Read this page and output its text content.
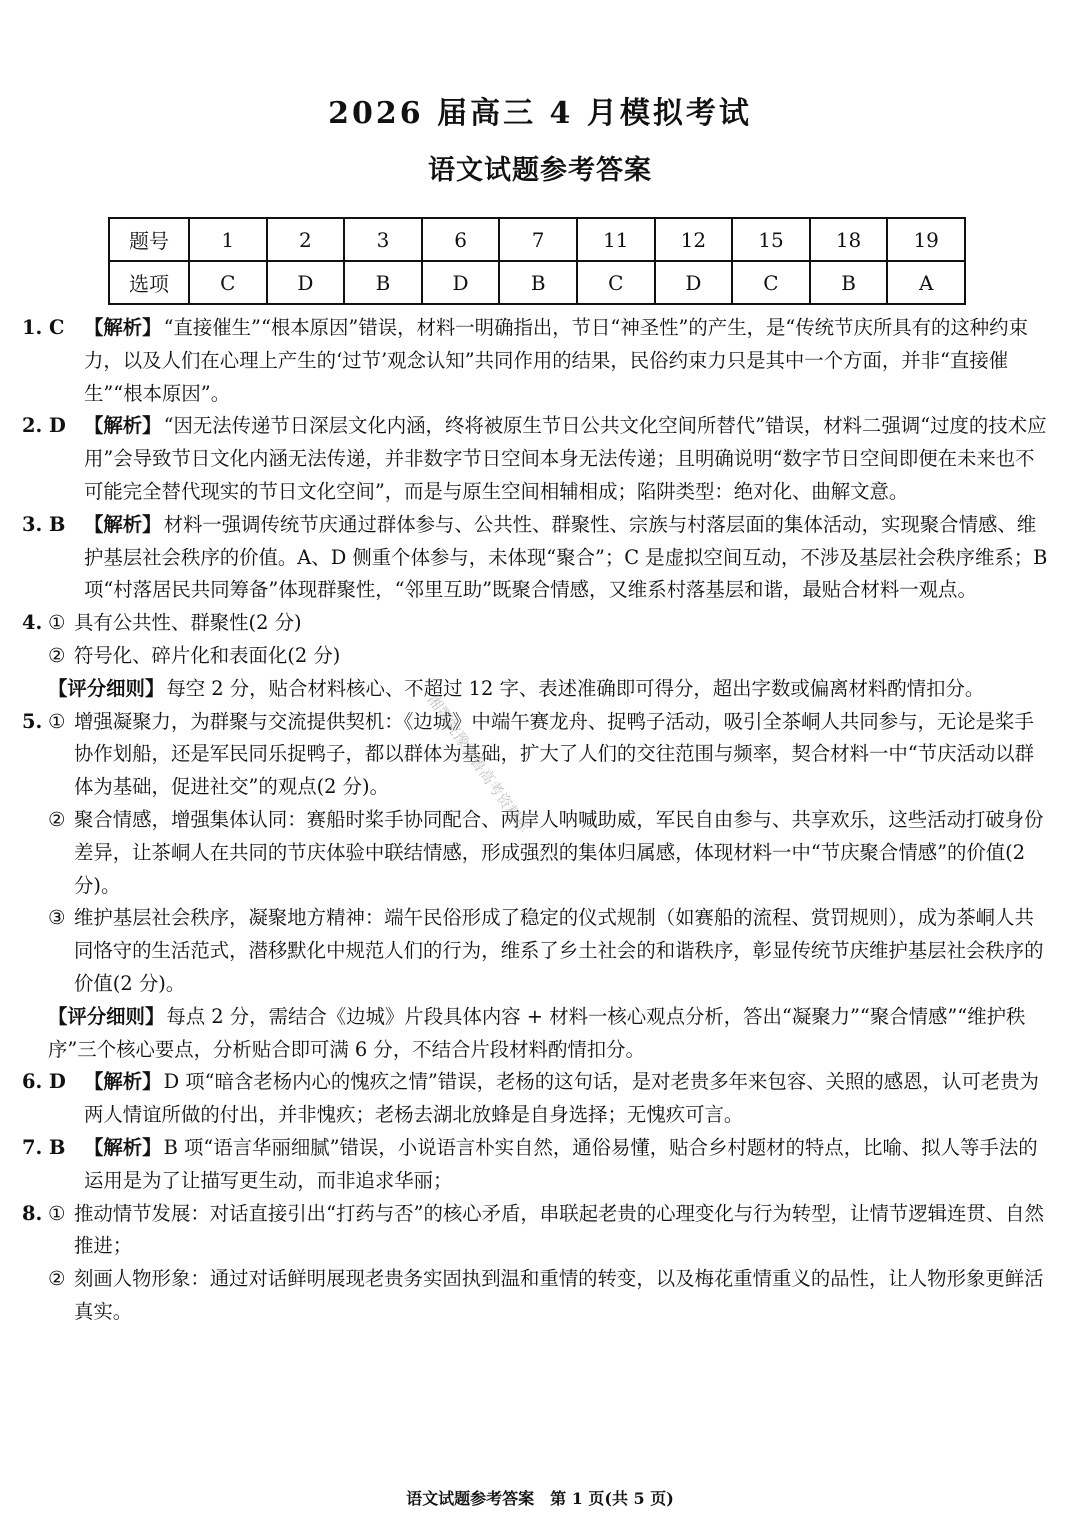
2026 届高三 4 月模拟考试
语文试题参考答案
题号	1	2	3	6	7	11	12	15	18	19
选项	C	D	B	D	B	C	D	C	B	A
1. C 【解析】 “直接催生”“根本原因”错误，材料一明确指出，节日“神圣性”的产生，是“传统节庆所具有的这种约束力，以及人们在心理上产生的‘过节’观念认知”共同作用的结果，民俗约束力只是其中一个方面，并非“直接催生”“根本原因”。
2. D 【解析】 “因无法传递节日深层文化内涵，终将被原生节日公共文化空间所替代”错误，材料二强调“过度的技术应用”会导致节日文化内涵无法传递，并非数字节日空间本身无法传递；且明确说明“数字节日空间即便在未来也不可能完全替代现实的节日文化空间”，而是与原生空间相辅相成；陷阱类型：绝对化、曲解文意。
3. B 【解析】 材料一强调传统节庆通过群体参与、公共性、群聚性、宗族与村落层面的集体活动，实现聚合情感、维护基层社会秩序的价值。A、D 侧重个体参与，未体现“聚合”；C 是虚拟空间互动，不涉及基层社会秩序维系；B 项“村落居民共同筹备”体现群聚性，“邻里互助”既聚合情感，又维系村落基层和谐，最贴合材料一观点。
4. ① 具有公共性、群聚性(2 分)
② 符号化、碎片化和表面化(2 分)
【评分细则】 每空 2 分，贴合材料核心、不超过 12 字、表述准确即可得分，超出字数或偏离材料酌情扣分。
5. ① 增强凝聚力，为群聚与交流提供契机：《边城》中端午赛龙舟、捉鸭子活动，吸引全茶峒人共同参与，无论是桨手协作划船，还是军民同乐捉鸭子，都以群体为基础，扩大了人们的交往范围与频率，契合材料一中“节庆活动以群体为基础，促进社交”的观点(2 分)。
② 聚合情感，增强集体认同：赛船时桨手协同配合、两岸人呐喊助威，军民自由参与、共享欢乐，这些活动打破身份差异，让茶峒人在共同的节庆体验中联结情感，形成强烈的集体归属感，体现材料一中“节庆聚合情感”的价值(2 分)。
③ 维护基层社会秩序，凝聚地方精神：端午民俗形成了稳定的仪式规制（如赛船的流程、赏罚规则），成为茶峒人共同恪守的生活范式，潜移默化中规范人们的行为，维系了乡土社会的和谐秩序，彰显传统节庆维护基层社会秩序的价值(2 分)。
【评分细则】 每点 2 分，需结合《边城》片段具体内容 + 材料一核心观点分析，答出“凝聚力”“聚合情感”“维护秩序”三个核心要点，分析贴合即可满 6 分，不结合片段材料酌情扣分。
6. D 【解析】 D 项“暗含老杨内心的愧疚之情”错误，老杨的这句话，是对老贵多年来包容、关照的感恩，认可老贵为两人情谊所做的付出，并非愧疚；老杨去湖北放蜂是自身选择；无愧疚可言。
7. B 【解析】 B 项“语言华丽细腻”错误，小说语言朴实自然，通俗易懂，贴合乡村题材的特点，比喻、拟人等手法的运用是为了让描写更生动，而非追求华丽；
8. ① 推动情节发展：对话直接引出“打药与否”的核心矛盾，串联起老贵的心理变化与行为转型，让情节逻辑连贯、自然推进；
② 刻画人物形象：通过对话鲜明展现老贵务实固执到温和重情的转变，以及梅花重情重义的品性，让人物形象更鲜活真实。
湘鄂皖豫冀鲁高考资料库
语文试题参考答案　第 1 页(共 5 页)
